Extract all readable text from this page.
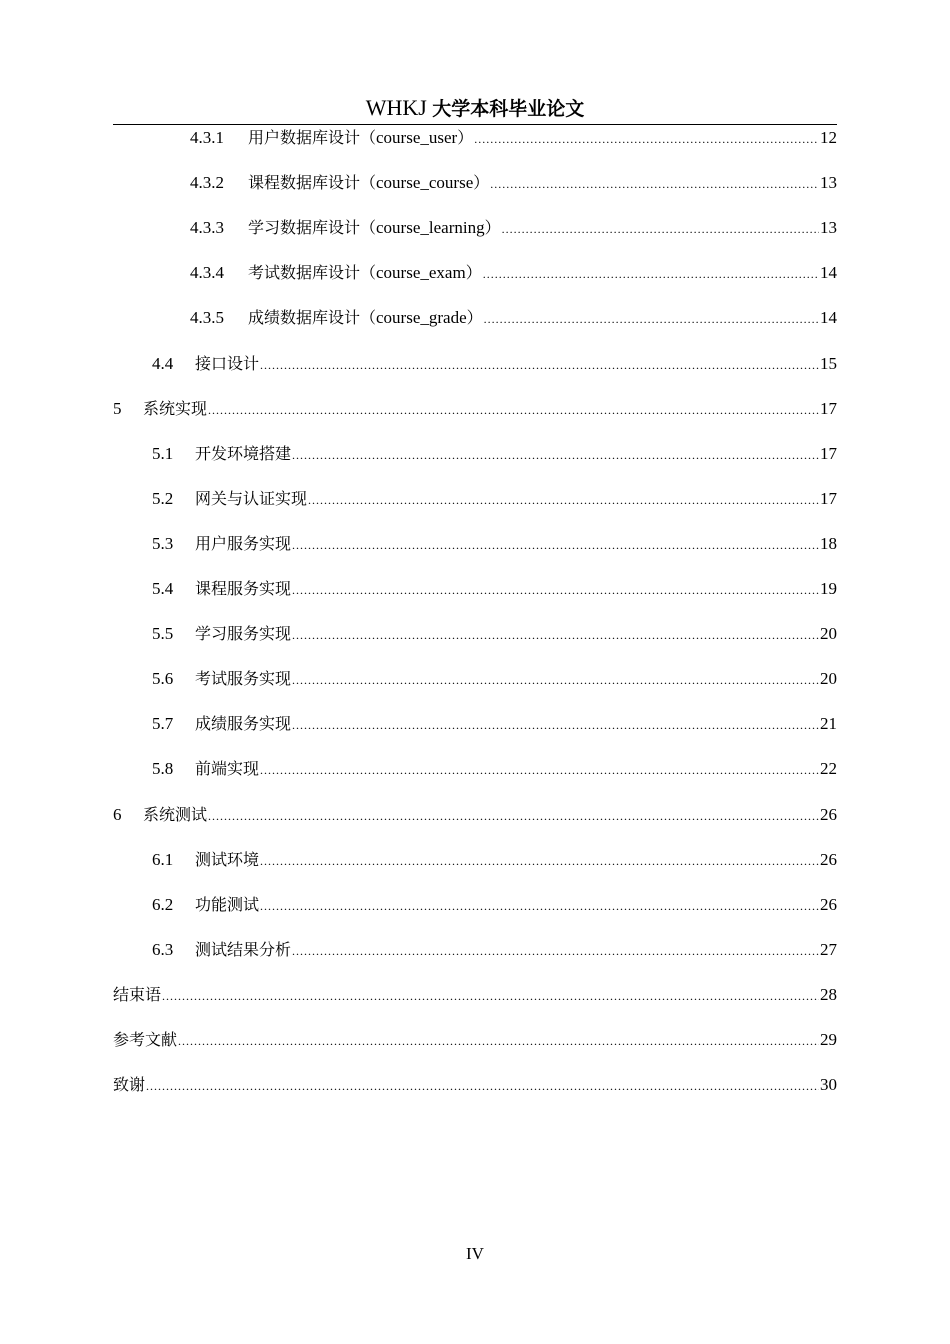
WHKJ 大学本科毕业论文
4.3.1	用户数据库设计（course_user） .....	12
4.3.2	课程数据库设计（course_course） .....	13
4.3.3	学习数据库设计（course_learning） .....	13
4.3.4	考试数据库设计（course_exam） .....	14
4.3.5	成绩数据库设计（course_grade） .....	14
4.4	接口设计 .....	15
5	系统实现 .....	17
5.1	开发环境搭建 .....	17
5.2	网关与认证实现 .....	17
5.3	用户服务实现 .....	18
5.4	课程服务实现 .....	19
5.5	学习服务实现 .....	20
5.6	考试服务实现 .....	20
5.7	成绩服务实现 .....	21
5.8	前端实现 .....	22
6	系统测试 .....	26
6.1	测试环境 .....	26
6.2	功能测试 .....	26
6.3	测试结果分析 .....	27
结束语 .....	28
参考文献 .....	29
致谢 .....	30
IV
